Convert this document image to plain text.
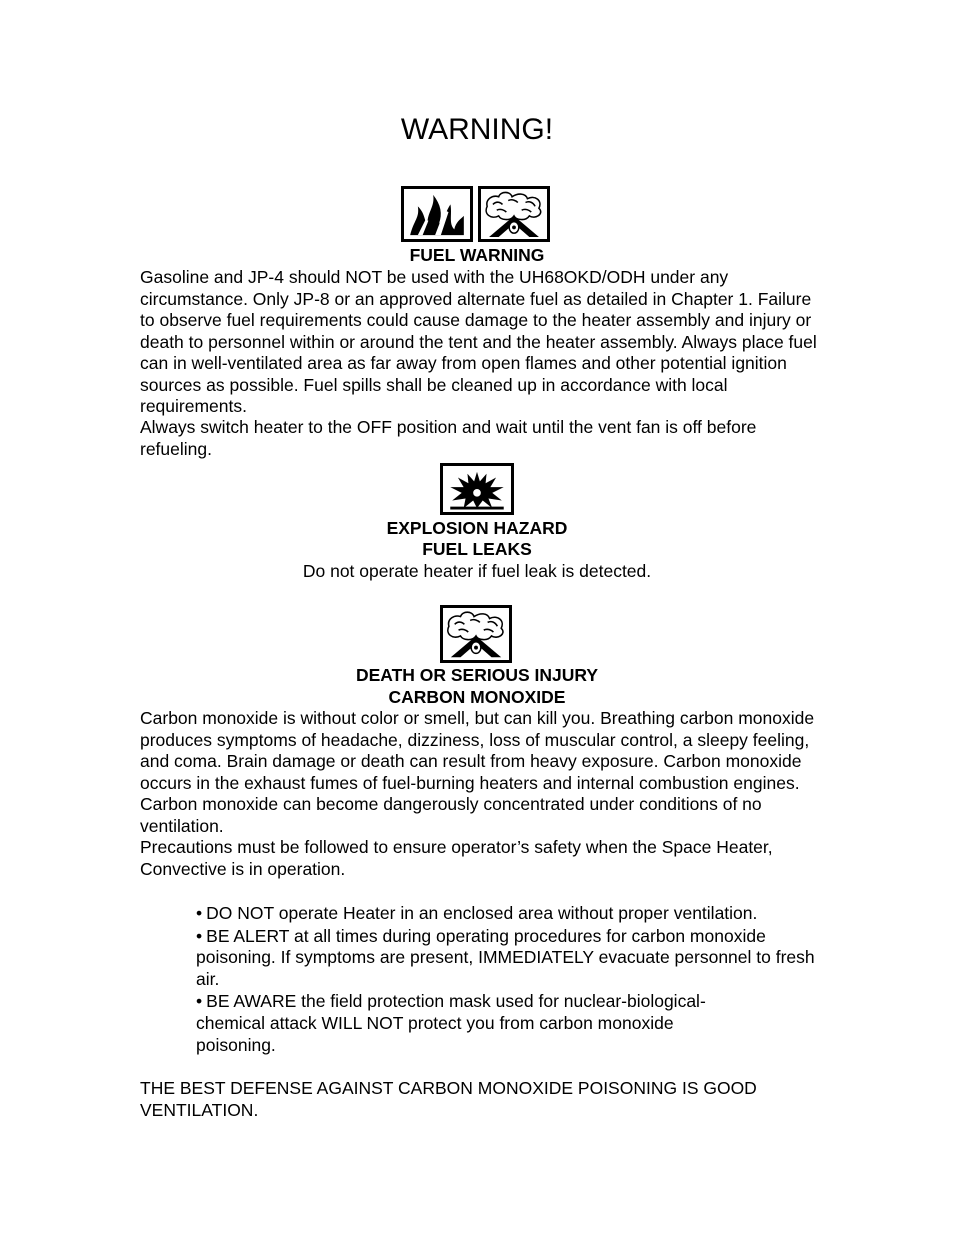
WARNING!
FUEL WARNING
Gasoline and JP-4 should NOT be used with the UH68OKD/ODH under any circumstance. Only JP-8 or an approved alternate fuel as detailed in Chapter 1. Failure to observe fuel requirements could cause damage to the heater assembly and injury or death to personnel within or around the tent and the heater assembly. Always place fuel can in well-ventilated area as far away from open flames and other potential ignition sources as possible. Fuel spills shall be cleaned up in accordance with local requirements.
Always switch heater to the OFF position and wait until the vent fan is off before refueling.
EXPLOSION HAZARD
FUEL LEAKS
Do not operate heater if fuel leak is detected.
DEATH OR SERIOUS INJURY
CARBON MONOXIDE
Carbon monoxide is without color or smell, but can kill you. Breathing carbon monoxide produces symptoms of headache, dizziness, loss of muscular control, a sleepy feeling, and coma. Brain damage or death can result from heavy exposure. Carbon monoxide occurs in the exhaust fumes of fuel-burning heaters and internal combustion engines. Carbon monoxide can become dangerously concentrated under conditions of no ventilation.
Precautions must be followed to ensure operator’s safety when the Space Heater, Convective is in operation.
• DO NOT operate Heater in an enclosed area without proper ventilation.
• BE ALERT at all times during operating procedures for carbon monoxide poisoning. If symptoms are present, IMMEDIATELY evacuate personnel to fresh air.
• BE AWARE the field protection mask used for nuclear-biological-chemical attack WILL NOT protect you from carbon monoxide poisoning.
THE BEST DEFENSE AGAINST CARBON MONOXIDE POISONING IS GOOD VENTILATION.
